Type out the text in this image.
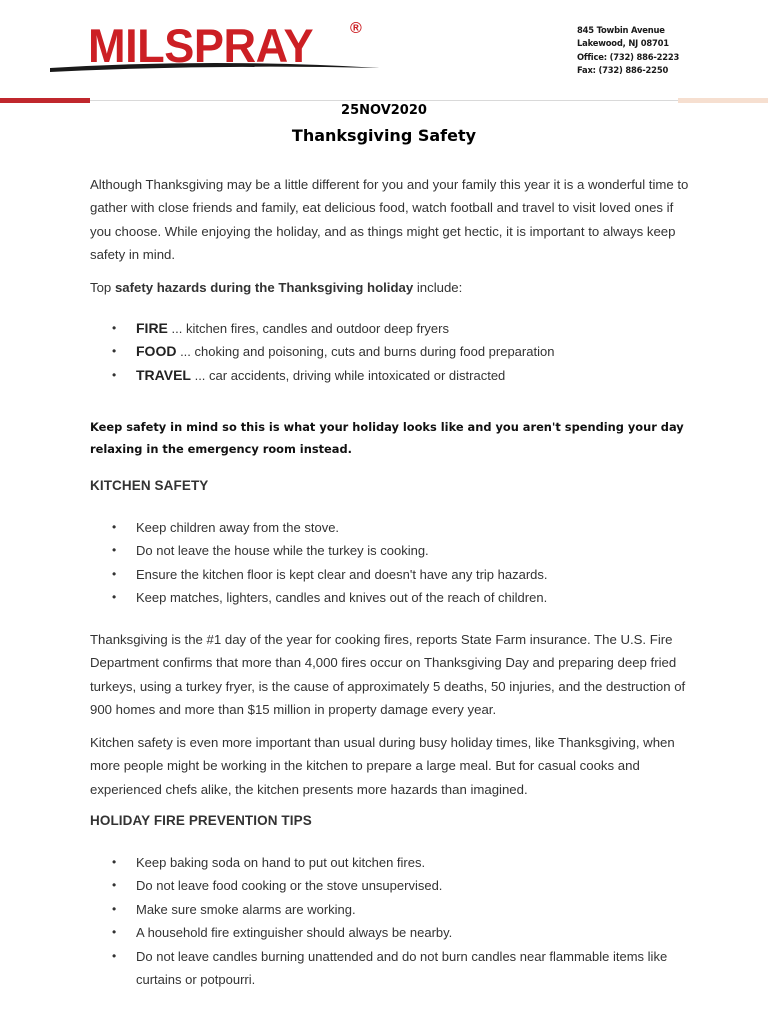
MILSPRAY ®	845 Towbin Avenue
Lakewood, NJ 08701
Office: (732) 886-2223
Fax: (732) 886-2250
25NOV2020
Thanksgiving Safety

Although Thanksgiving may be a little different for you and your family this year it is a wonderful time to gather with close friends and family, eat delicious food, watch football and travel to visit loved ones if you choose. While enjoying the holiday, and as things might get hectic, it is important to always keep safety in mind.

Top safety hazards during the Thanksgiving holiday include:

• FIRE ... kitchen fires, candles and outdoor deep fryers
• FOOD ... choking and poisoning, cuts and burns during food preparation
• TRAVEL ... car accidents, driving while intoxicated or distracted

Keep safety in mind so this is what your holiday looks like and you aren't spending your day relaxing in the emergency room instead.

KITCHEN SAFETY
• Keep children away from the stove.
• Do not leave the house while the turkey is cooking.
• Ensure the kitchen floor is kept clear and doesn't have any trip hazards.
• Keep matches, lighters, candles and knives out of the reach of children.

Thanksgiving is the #1 day of the year for cooking fires, reports State Farm insurance. The U.S. Fire Department confirms that more than 4,000 fires occur on Thanksgiving Day and preparing deep fried turkeys, using a turkey fryer, is the cause of approximately 5 deaths, 50 injuries, and the destruction of 900 homes and more than $15 million in property damage every year.

Kitchen safety is even more important than usual during busy holiday times, like Thanksgiving, when more people might be working in the kitchen to prepare a large meal. But for casual cooks and experienced chefs alike, the kitchen presents more hazards than imagined.

HOLIDAY FIRE PREVENTION TIPS
• Keep baking soda on hand to put out kitchen fires.
• Do not leave food cooking or the stove unsupervised.
• Make sure smoke alarms are working.
• A household fire extinguisher should always be nearby.
• Do not leave candles burning unattended and do not burn candles near flammable items like curtains or potpourri.
